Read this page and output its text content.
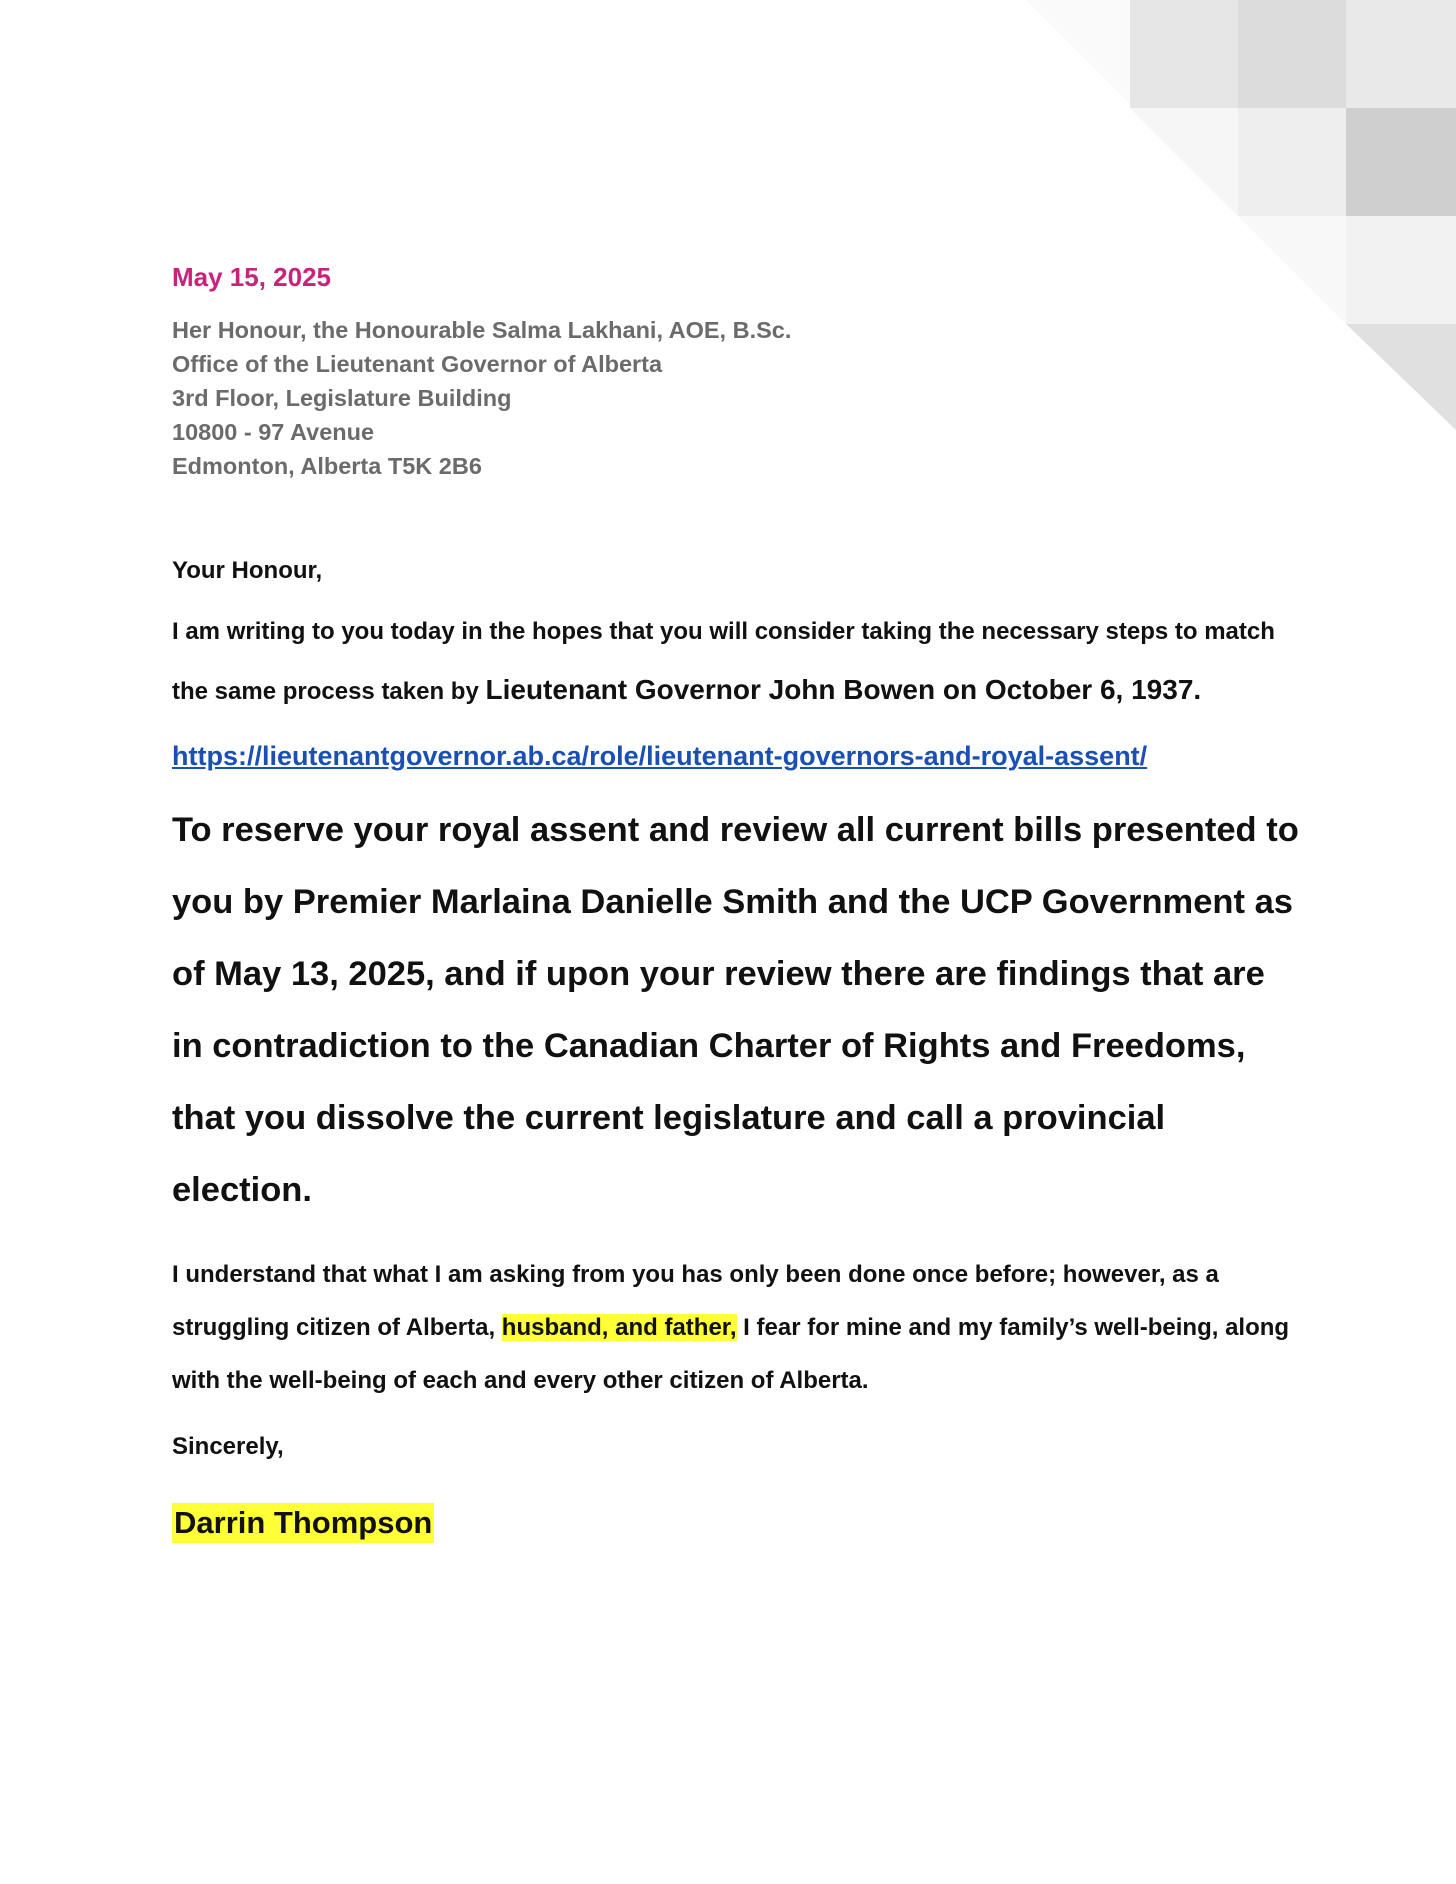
May 15, 2025
Her Honour, the Honourable Salma Lakhani, AOE, B.Sc.
Office of the Lieutenant Governor of Alberta
3rd Floor, Legislature Building
10800 - 97 Avenue
Edmonton, Alberta T5K 2B6
Your Honour,
I am writing to you today in the hopes that you will consider taking the necessary steps to match the same process taken by Lieutenant Governor John Bowen on October 6, 1937.
https://lieutenantgovernor.ab.ca/role/lieutenant-governors-and-royal-assent/
To reserve your royal assent and review all current bills presented to you by Premier Marlaina Danielle Smith and the UCP Government as of May 13, 2025, and if upon your review there are findings that are in contradiction to the Canadian Charter of Rights and Freedoms, that you dissolve the current legislature and call a provincial election.
I understand that what I am asking from you has only been done once before; however, as a struggling citizen of Alberta, husband, and father, I fear for mine and my family’s well-being, along with the well-being of each and every other citizen of Alberta.
Sincerely,
Darrin Thompson
